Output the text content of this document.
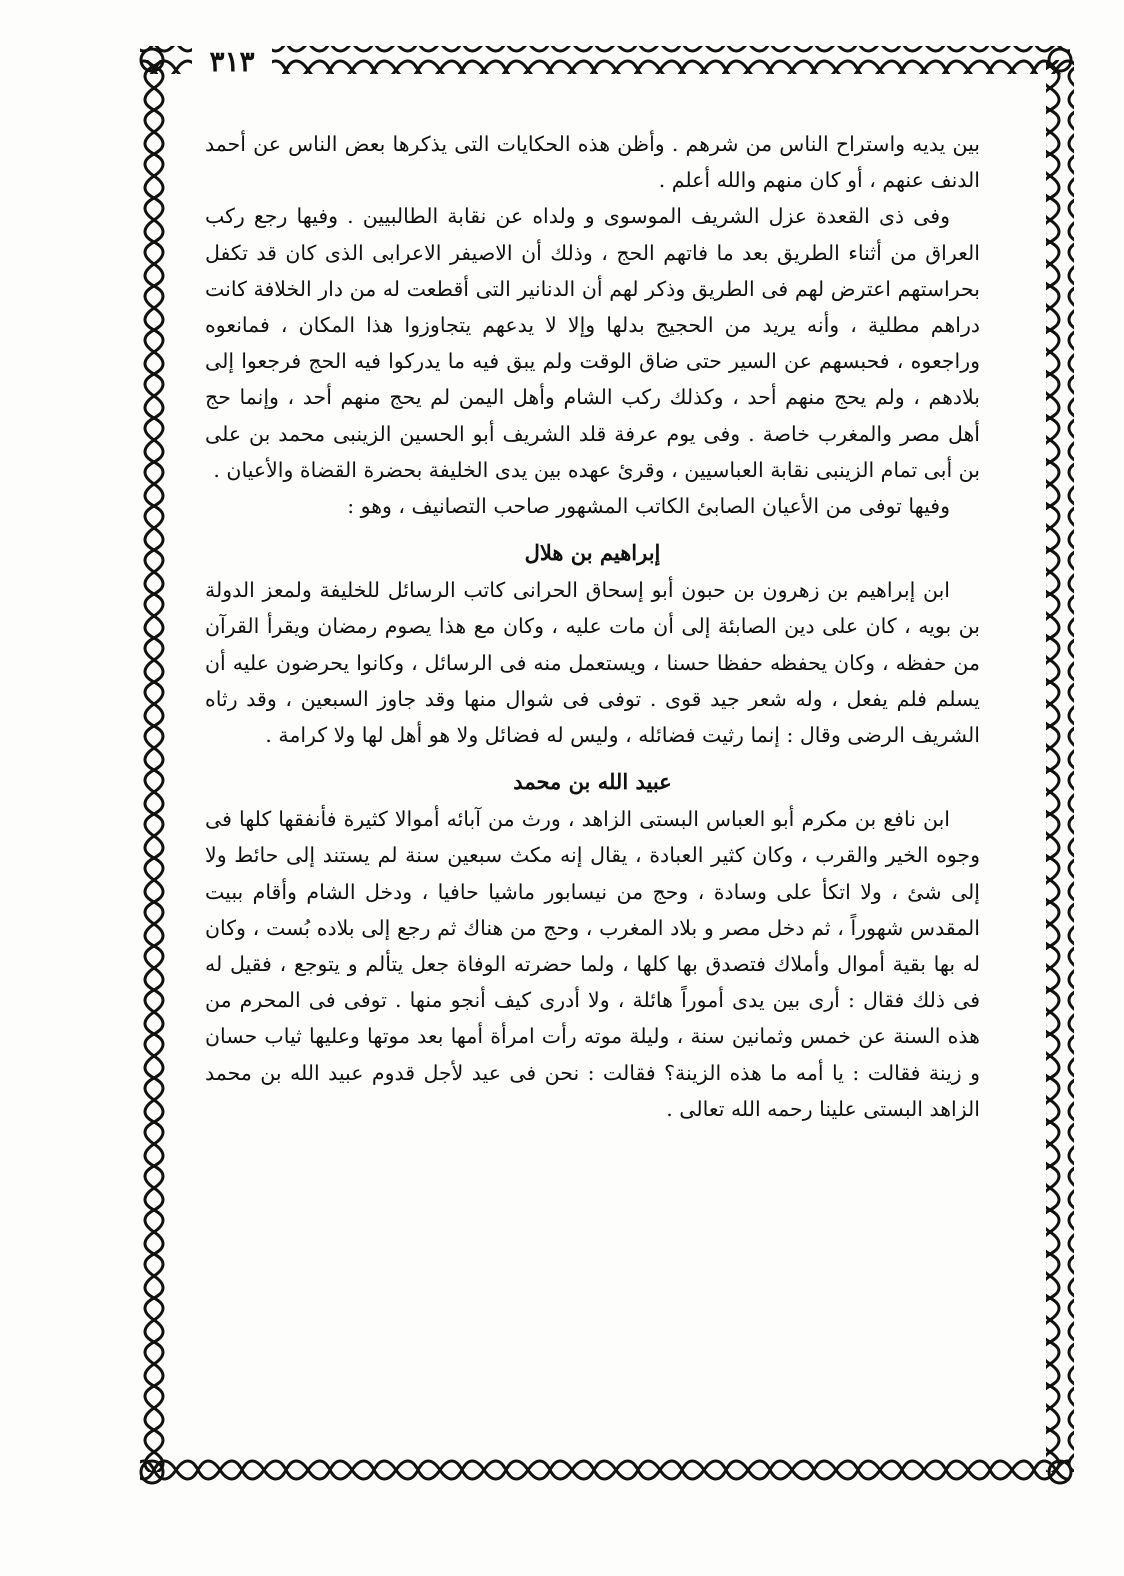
٣١٣

بين يديه واستراح الناس من شرهم . وأظن هذه الحكايات التى يذكرها بعض الناس عن أحمد الدنف عنهم ، أو كان منهم والله أعلم .

وفى ذى القعدة عزل الشريف الموسوى و ولداه عن نقابة الطالبيين . وفيها رجع ركب العراق من أثناء الطريق بعد ما فاتهم الحج ، وذلك أن الاصيفر الاعرابى الذى كان قد تكفل بحراستهم اعترض لهم فى الطريق وذكر لهم أن الدنانير التى أقطعت له من دار الخلافة كانت دراهم مطلية ، وأنه يريد من الحجيج بدلها وإلا لا يدعهم يتجاوزوا هذا المكان ، فمانعوه وراجعوه ، فحبسهم عن السير حتى ضاق الوقت ولم يبق فيه ما يدركوا فيه الحج فرجعوا إلى بلادهم ، ولم يحج منهم أحد ، وكذلك ركب الشام وأهل اليمن لم يحج منهم أحد ، وإنما حج أهل مصر والمغرب خاصة . وفى يوم عرفة قلد الشريف أبو الحسين الزينبى محمد بن على بن أبى تمام الزينبى نقابة العباسيين ، وقرئ عهده بين يدى الخليفة بحضرة القضاة والأعيان .

وفيها توفى من الأعيان الصابئ الكاتب المشهور صاحب التصانيف ، وهو :

إبراهيم بن هلال

ابن إبراهيم بن زهرون بن حبون أبو إسحاق الحرانى كاتب الرسائل للخليفة ولمعز الدولة بن بويه ، كان على دين الصابئة إلى أن مات عليه ، وكان مع هذا يصوم رمضان ويقرأ القرآن من حفظه ، وكان يحفظه حفظا حسنا ، ويستعمل منه فى الرسائل ، وكانوا يحرضون عليه أن يسلم فلم يفعل ، وله شعر جيد قوى . توفى فى شوال منها وقد جاوز السبعين ، وقد رثاه الشريف الرضى وقال : إنما رثيت فضائله ، وليس له فضائل ولا هو أهل لها ولا كرامة .

عبيد الله بن محمد

ابن نافع بن مكرم أبو العباس البستى الزاهد ، ورث من آبائه أموالا كثيرة فأنفقها كلها فى وجوه الخير والقرب ، وكان كثير العبادة ، يقال إنه مكث سبعين سنة لم يستند إلى حائط ولا إلى شئ ، ولا اتكأ على وسادة ، وحج من نيسابور ماشيا حافيا ، ودخل الشام وأقام ببيت المقدس شهوراً ، ثم دخل مصر و بلاد المغرب ، وحج من هناك ثم رجع إلى بلاده بُست ، وكان له بها بقية أموال وأملاك فتصدق بها كلها ، ولما حضرته الوفاة جعل يتألم و يتوجع ، فقيل له فى ذلك فقال : أرى بين يدى أموراً هائلة ، ولا أدرى كيف أنجو منها . توفى فى المحرم من هذه السنة عن خمس وثمانين سنة ، وليلة موته رأت امرأة أمها بعد موتها وعليها ثياب حسان و زينة فقالت : يا أمه ما هذه الزينة؟ فقالت : نحن فى عيد لأجل قدوم عبيد الله بن محمد الزاهد البستى علينا رحمه الله تعالى .
